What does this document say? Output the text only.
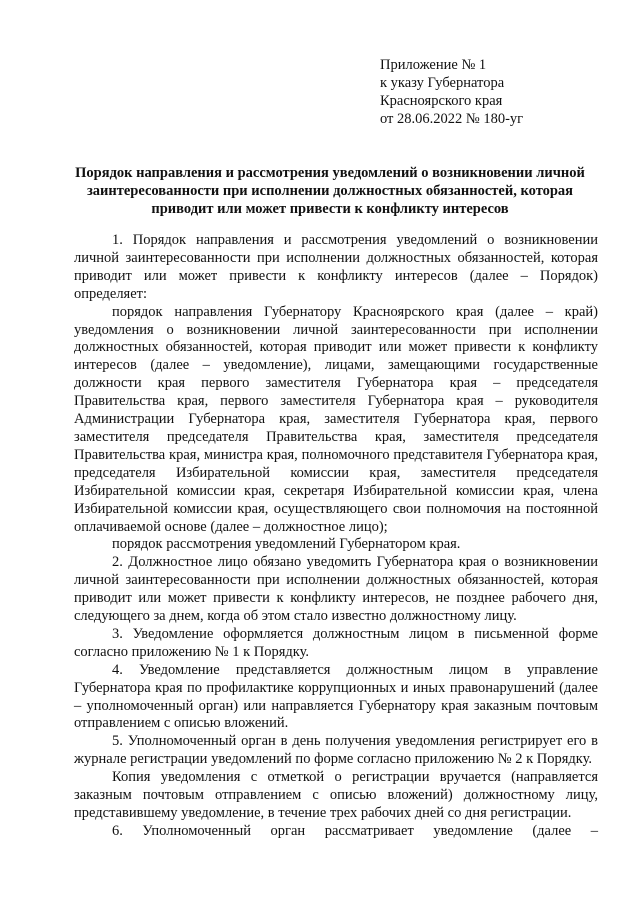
Приложение № 1
к указу Губернатора
Красноярского края
от 28.06.2022 № 180-уг
Порядок направления и рассмотрения уведомлений о возникновении личной
заинтересованности при исполнении должностных обязанностей, которая
приводит или может привести к конфликту интересов

1. Порядок направления и рассмотрения уведомлений о возникновении личной заинтересованности при исполнении должностных обязанностей, которая приводит или может привести к конфликту интересов (далее – Порядок) определяет:

порядок направления Губернатору Красноярского края (далее – край) уведомления о возникновении личной заинтересованности при исполнении должностных обязанностей, которая приводит или может привести к конфликту интересов (далее – уведомление), лицами, замещающими государственные должности края первого заместителя Губернатора края – председателя Правительства края, первого заместителя Губернатора края – руководителя Администрации Губернатора края, заместителя Губернатора края, первого заместителя председателя Правительства края, заместителя председателя Правительства края, министра края, полномочного представителя Губернатора края, председателя Избирательной комиссии края, заместителя председателя Избирательной комиссии края, секретаря Избирательной комиссии края, члена Избирательной комиссии края, осуществляющего свои полномочия на постоянной оплачиваемой основе (далее – должностное лицо);

порядок рассмотрения уведомлений Губернатором края.

2. Должностное лицо обязано уведомить Губернатора края о возникновении личной заинтересованности при исполнении должностных обязанностей, которая приводит или может привести к конфликту интересов, не позднее рабочего дня, следующего за днем, когда об этом стало известно должностному лицу.

3. Уведомление оформляется должностным лицом в письменной форме согласно приложению № 1 к Порядку.

4. Уведомление представляется должностным лицом в управление Губернатора края по профилактике коррупционных и иных правонарушений (далее – уполномоченный орган) или направляется Губернатору края заказным почтовым отправлением с описью вложений.

5. Уполномоченный орган в день получения уведомления регистрирует его в журнале регистрации уведомлений по форме согласно приложению № 2 к Порядку.

Копия уведомления с отметкой о регистрации вручается (направляется заказным почтовым отправлением с описью вложений) должностному лицу, представившему уведомление, в течение трех рабочих дней со дня регистрации.

6. Уполномоченный орган рассматривает уведомление (далее –
